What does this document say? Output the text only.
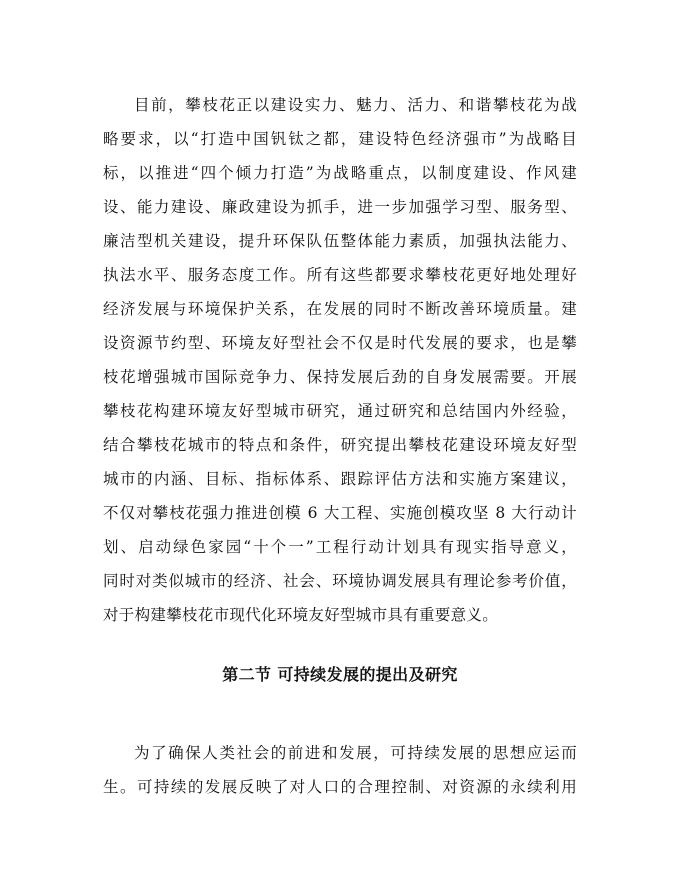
目前，攀枝花正以建设实力、魅力、活力、和谐攀枝花为战
略要求，以“打造中国钒钛之都，建设特色经济强市”为战略目
标，以推进“四个倾力打造”为战略重点，以制度建设、作风建
设、能力建设、廉政建设为抓手，进一步加强学习型、服务型、
廉洁型机关建设，提升环保队伍整体能力素质，加强执法能力、
执法水平、服务态度工作。所有这些都要求攀枝花更好地处理好
经济发展与环境保护关系，在发展的同时不断改善环境质量。建
设资源节约型、环境友好型社会不仅是时代发展的要求，也是攀
枝花增强城市国际竞争力、保持发展后劲的自身发展需要。开展
攀枝花构建环境友好型城市研究，通过研究和总结国内外经验，
结合攀枝花城市的特点和条件，研究提出攀枝花建设环境友好型
城市的内涵、目标、指标体系、跟踪评估方法和实施方案建议，
不仅对攀枝花强力推进创模 6 大工程、实施创模攻坚 8 大行动计
划、启动绿色家园“十个一”工程行动计划具有现实指导意义，
同时对类似城市的经济、社会、环境协调发展具有理论参考价值，
对于构建攀枝花市现代化环境友好型城市具有重要意义。
第二节 可持续发展的提出及研究
为了确保人类社会的前进和发展，可持续发展的思想应运而
生。可持续的发展反映了对人口的合理控制、对资源的永续利用
